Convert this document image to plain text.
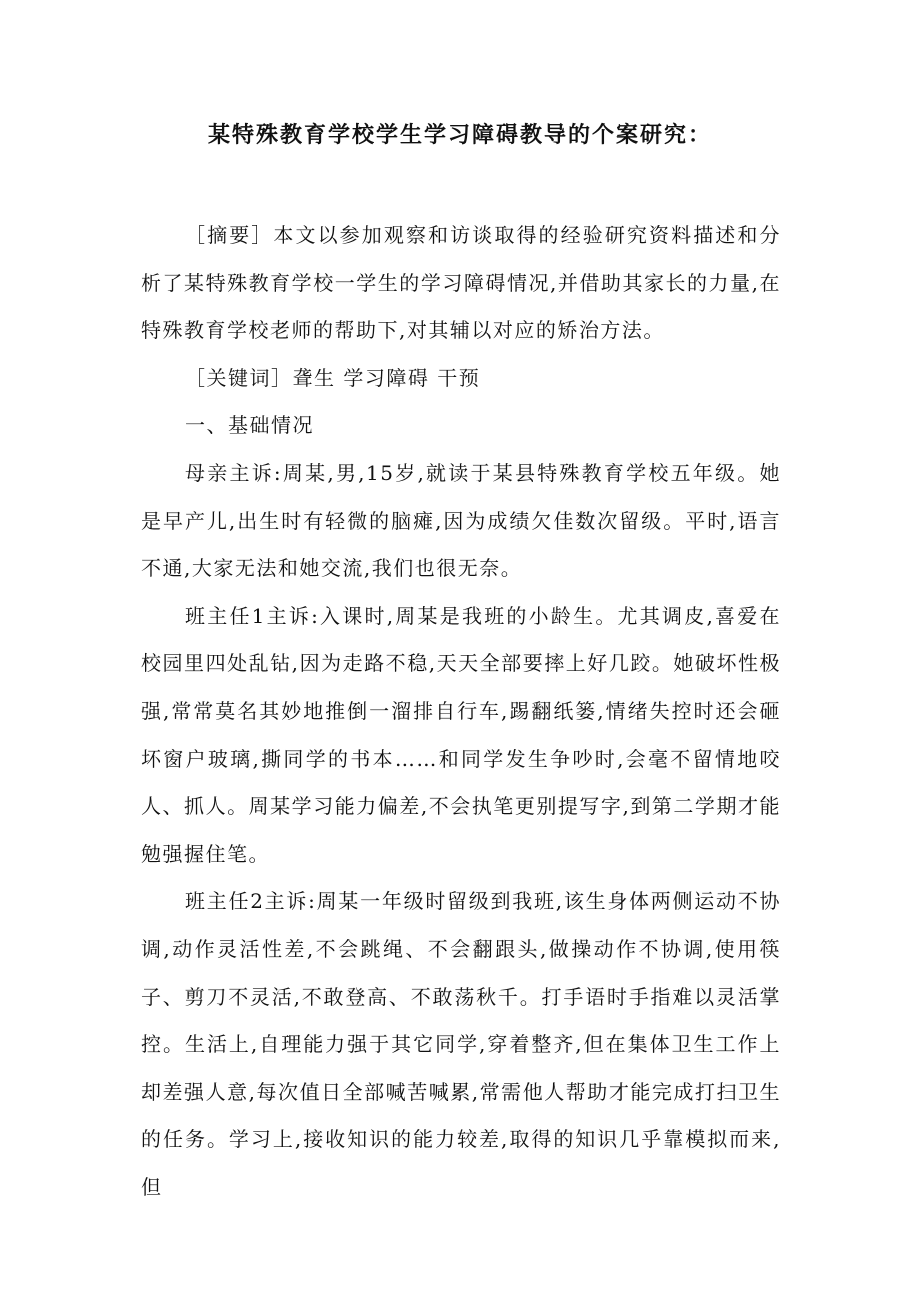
某特殊教育学校学生学习障碍教导的个案研究：

［摘要］本文以参加观察和访谈取得的经验研究资料描述和分析了某特殊教育学校一学生的学习障碍情况,并借助其家长的力量,在特殊教育学校老师的帮助下,对其辅以对应的矫治方法。

［关键词］聋生 学习障碍 干预

一、基础情况

母亲主诉:周某,男,15岁,就读于某县特殊教育学校五年级。她是早产儿,出生时有轻微的脑瘫,因为成绩欠佳数次留级。平时,语言不通,大家无法和她交流,我们也很无奈。

班主任1主诉:入课时,周某是我班的小龄生。尤其调皮,喜爱在校园里四处乱钻,因为走路不稳,天天全部要摔上好几跤。她破坏性极强,常常莫名其妙地推倒一溜排自行车,踢翻纸篓,情绪失控时还会砸坏窗户玻璃,撕同学的书本……和同学发生争吵时,会毫不留情地咬人、抓人。周某学习能力偏差,不会执笔更别提写字,到第二学期才能勉强握住笔。

班主任2主诉:周某一年级时留级到我班,该生身体两侧运动不协调,动作灵活性差,不会跳绳、不会翻跟头,做操动作不协调,使用筷子、剪刀不灵活,不敢登高、不敢荡秋千。打手语时手指难以灵活掌控。生活上,自理能力强于其它同学,穿着整齐,但在集体卫生工作上却差强人意,每次值日全部喊苦喊累,常需他人帮助才能完成打扫卫生的任务。学习上,接收知识的能力较差,取得的知识几乎靠模拟而来,但
